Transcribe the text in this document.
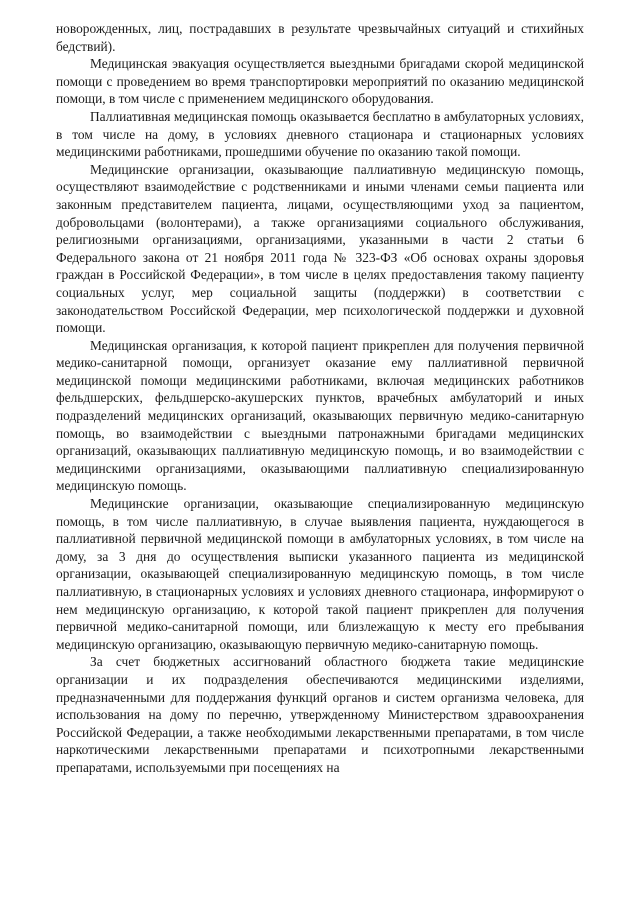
новорожденных, лиц, пострадавших в результате чрезвычайных ситуаций и стихийных бедствий).

Медицинская эвакуация осуществляется выездными бригадами скорой медицинской помощи с проведением во время транспортировки мероприятий по оказанию медицинской помощи, в том числе с применением медицинского оборудования.

Паллиативная медицинская помощь оказывается бесплатно в амбулаторных условиях, в том числе на дому, в условиях дневного стационара и стационарных условиях медицинскими работниками, прошедшими обучение по оказанию такой помощи.

Медицинские организации, оказывающие паллиативную медицинскую помощь, осуществляют взаимодействие с родственниками и иными членами семьи пациента или законным представителем пациента, лицами, осуществляющими уход за пациентом, добровольцами (волонтерами), а также организациями социального обслуживания, религиозными организациями, организациями, указанными в части 2 статьи 6 Федерального закона от 21 ноября 2011 года № 323-ФЗ «Об основах охраны здоровья граждан в Российской Федерации», в том числе в целях предоставления такому пациенту социальных услуг, мер социальной защиты (поддержки) в соответствии с законодательством Российской Федерации, мер психологической поддержки и духовной помощи.

Медицинская организация, к которой пациент прикреплен для получения первичной медико-санитарной помощи, организует оказание ему паллиативной первичной медицинской помощи медицинскими работниками, включая медицинских работников фельдшерских, фельдшерско-акушерских пунктов, врачебных амбулаторий и иных подразделений медицинских организаций, оказывающих первичную медико-санитарную помощь, во взаимодействии с выездными патронажными бригадами медицинских организаций, оказывающих паллиативную медицинскую помощь, и во взаимодействии с медицинскими организациями, оказывающими паллиативную специализированную медицинскую помощь.

Медицинские организации, оказывающие специализированную медицинскую помощь, в том числе паллиативную, в случае выявления пациента, нуждающегося в паллиативной первичной медицинской помощи в амбулаторных условиях, в том числе на дому, за 3 дня до осуществления выписки указанного пациента из медицинской организации, оказывающей специализированную медицинскую помощь, в том числе паллиативную, в стационарных условиях и условиях дневного стационара, информируют о нем медицинскую организацию, к которой такой пациент прикреплен для получения первичной медико-санитарной помощи, или близлежащую к месту его пребывания медицинскую организацию, оказывающую первичную медико-санитарную помощь.

За счет бюджетных ассигнований областного бюджета такие медицинские организации и их подразделения обеспечиваются медицинскими изделиями, предназначенными для поддержания функций органов и систем организма человека, для использования на дому по перечню, утвержденному Министерством здравоохранения Российской Федерации, а также необходимыми лекарственными препаратами, в том числе наркотическими лекарственными препаратами и психотропными лекарственными препаратами, используемыми при посещениях на
